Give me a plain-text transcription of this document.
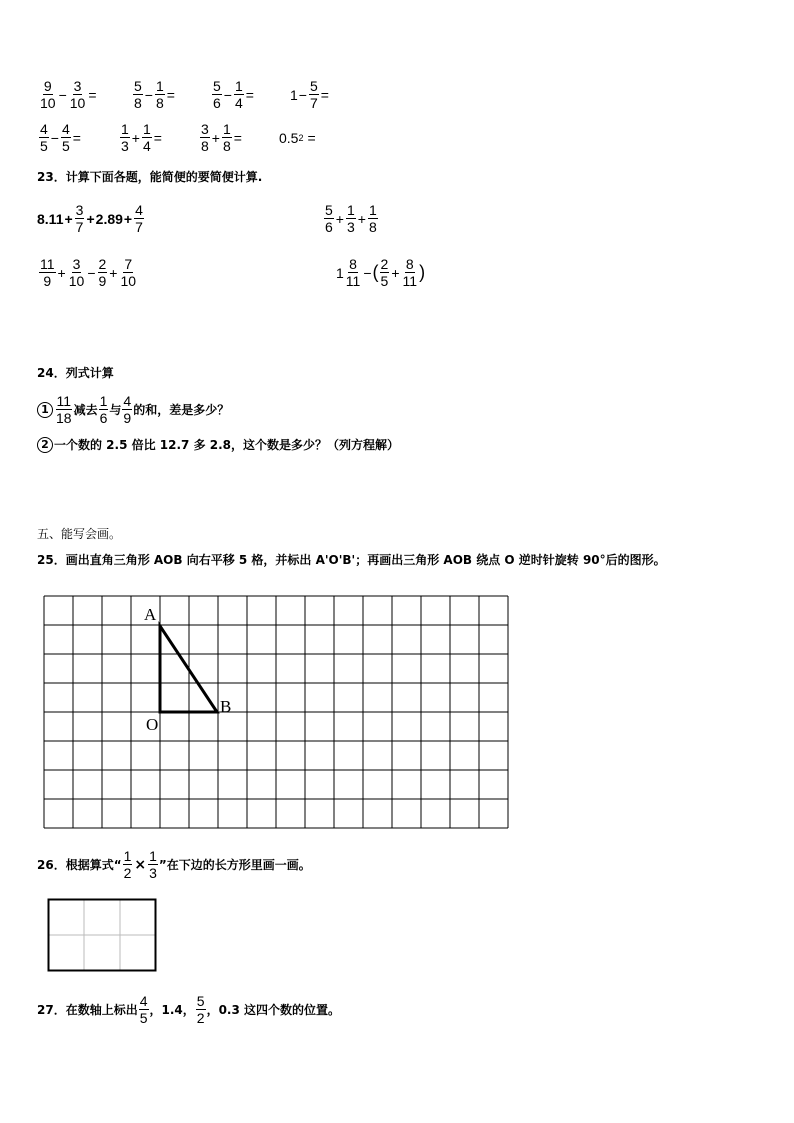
$\frac{9}{10} - \frac{3}{10}$ =	$\frac{5}{8} - \frac{1}{8}$ =	$\frac{5}{6} - \frac{1}{4}$ =	$1 - \frac{5}{7}$ =
$\frac{4}{5} - \frac{4}{5}$ =	$\frac{1}{3} + \frac{1}{4}$ =	$\frac{3}{8} + \frac{1}{8}$ =	0.5 2 =
23．计算下面各题，能简便的要简便计算.
$8.11 + \frac{3}{7} + 2.89 + \frac{4}{7}$	$\frac{5}{6} + \frac{1}{3} + \frac{1}{8}$
$\frac{11}{9} + \frac{3}{10} - \frac{2}{9} + \frac{7}{10}$	$1 \frac{8}{11}$ − ( $\frac{2}{5} + \frac{8}{11}$ )
24．列式计算
$1 \frac{11}{18}$ 减去 $\frac{1}{6}$ 与 $\frac{4}{9}$ 的和，差是多少？
2 一个数的 2.5 倍比 12.7 多 2.8，这个数是多少？（列方程解）
五、能写会画。
25．画出直角三角形 AOB 向右平移 5 格，并标出 A'O'B'；再画出三角形 AOB 绕点 O 逆时针旋转 90°后的图形。
A
O
B
26．根据算式“ $\frac{1}{2} \times \frac{1}{3}$ ”在下边的长方形里画一画。
27．在数轴上标出 $\frac{4}{5}$ ，1.4， $\frac{5}{2}$ ，0.3 这四个数的位置。
